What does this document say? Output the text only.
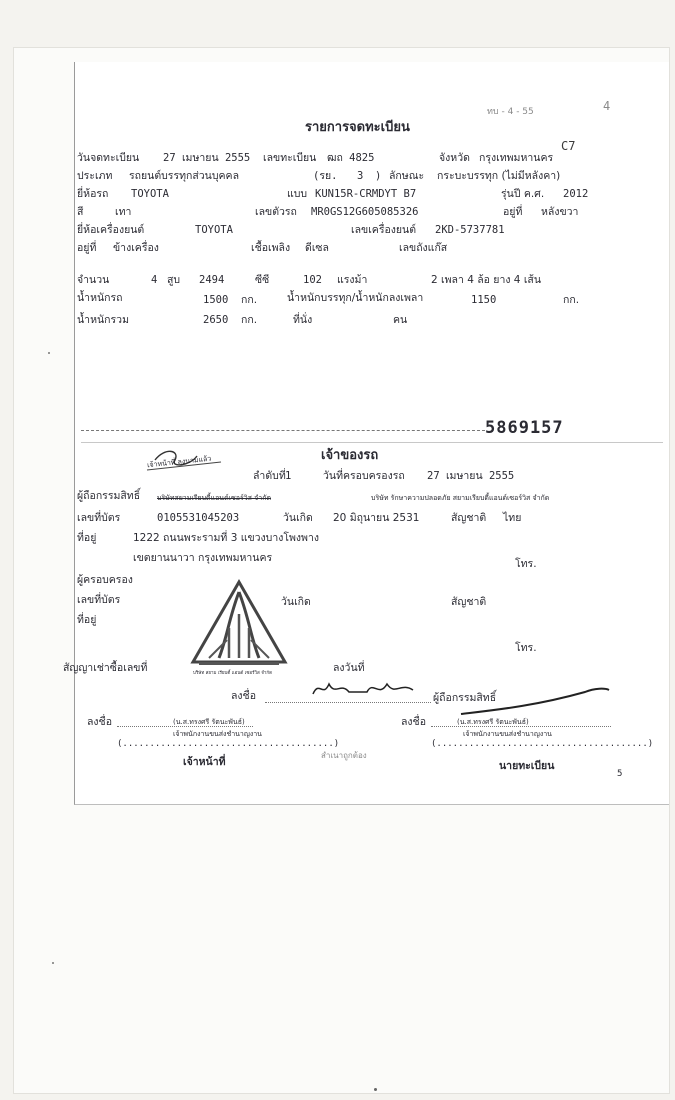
รายการจดทะเบียน
4
ทบ - 4 - 55
C7
วันจดทะเบียน 27 เมษายน 2555 เลขทะเบียน ฒถ 4825	จังหวัด กรุงเทพมหานคร
ประเภท รถยนต์บรรทุกส่วนบุคคล	(รย. 3 ) ลักษณะ กระบะบรรทุก (ไม่มีหลังคา)
ยี่ห้อรถ TOYOTA	แบบ KUN15R-CRMDYT B7	รุ่นปี ค.ศ. 2012
สี	เทา	เลขตัวรถ MR0GS12G605085326	อยู่ที่ หลังขวา
ยี่ห้อเครื่องยนต์	TOYOTA	เลขเครื่องยนต์ 2KD-5737781
อยู่ที่ ข้างเครื่อง	เชื้อเพลิง ดีเซล	เลขถังแก๊ส
จำนวน	4 สูบ 2494	ซีซี	102 แรงม้า	2 เพลา 4 ล้อ ยาง 4 เส้น
น้ำหนักรถ	1500 กก.	น้ำหนักบรรทุก/น้ำหนักลงเพลา	1150	กก.
น้ำหนักรวม	2650 กก.	ที่นั่ง	คน
5869157
เจ้าของรถ
เจ้าหน้าที่ ลงนามแล้ว
ลำดับที่ 1	วันที่ครอบครองรถ 27 เมษายน 2555
ผู้ถือกรรมสิทธิ์ บริษัทสยามเรียบดี้แอนด์เซอร์วิส จำกัด	บริษัท รักษาความปลอดภัย สยามเรียบดี้แอนด์เซอร์วิส จำกัด
เลขที่บัตร	0105531045203	วันเกิด 20 มิถุนายน 2531	สัญชาติ ไทย
ที่อยู่	1222 ถนนพระรามที่ 3 แขวงบางโพงพาง
เขตยานนาวา กรุงเทพมหานคร	โทร.
ผู้ครอบครอง
เลขที่บัตร	วันเกิด	สัญชาติ
ที่อยู่
โทร.
บริษัท สยาม เรียบดี้ แอนด์ เซอร์วิส จำกัด
สัญญาเช่าซื้อเลขที่	ลงวันที่
ลงชื่อ	ผู้ถือกรรมสิทธิ์
ลงชื่อ	(น.ส.ทรงศรี รัตนะพันธ์)
เจ้าพนักงานขนส่งชำนาญงาน
(.......................................)
เจ้าหน้าที่
สำเนาถูกต้อง
ลงชื่อ	(น.ส.ทรงศรี รัตนะพันธ์)
เจ้าพนักงานขนส่งชำนาญงาน
(.......................................)
นายทะเบียน
5
